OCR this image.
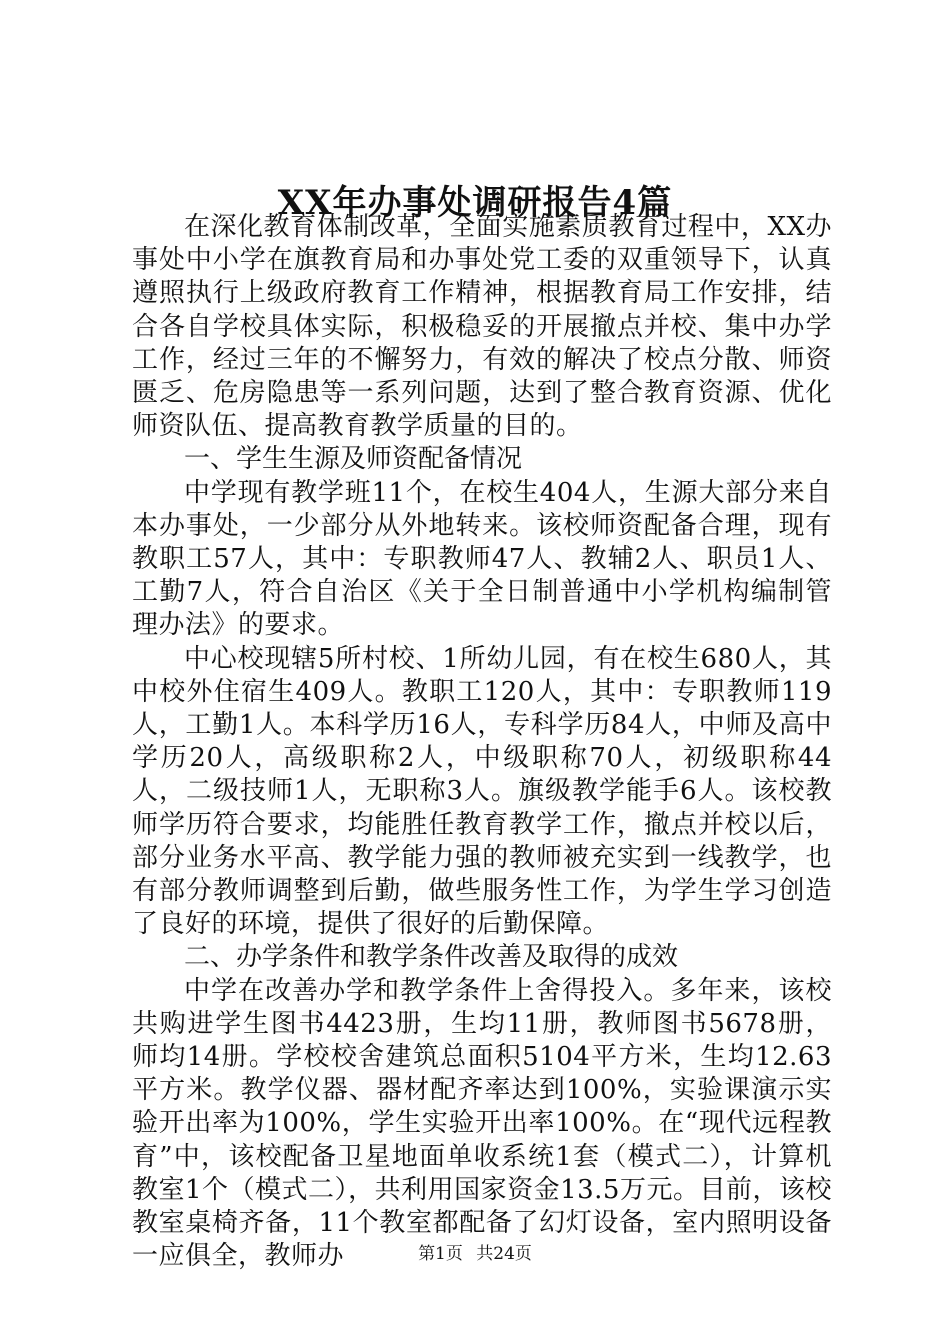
XX年办事处调研报告4篇

在深化教育体制改革，全面实施素质教育过程中，XX办事处中小学在旗教育局和办事处党工委的双重领导下，认真遵照执行上级政府教育工作精神，根据教育局工作安排，结合各自学校具体实际，积极稳妥的开展撤点并校、集中办学工作，经过三年的不懈努力，有效的解决了校点分散、师资匮乏、危房隐患等一系列问题，达到了整合教育资源、优化师资队伍、提高教育教学质量的目的。

一、学生生源及师资配备情况

中学现有教学班11个，在校生404人，生源大部分来自本办事处，一少部分从外地转来。该校师资配备合理，现有教职工57人，其中：专职教师47人、教辅2人、职员1人、工勤7人，符合自治区《关于全日制普通中小学机构编制管理办法》的要求。

中心校现辖5所村校、1所幼儿园，有在校生680人，其中校外住宿生409人。教职工120人，其中：专职教师119人，工勤1人。本科学历16人，专科学历84人，中师及高中学历20人，高级职称2人，中级职称70人，初级职称44人，二级技师1人，无职称3人。旗级教学能手6人。该校教师学历符合要求，均能胜任教育教学工作，撤点并校以后，部分业务水平高、教学能力强的教师被充实到一线教学，也有部分教师调整到后勤，做些服务性工作，为学生学习创造了良好的环境，提供了很好的后勤保障。

二、办学条件和教学条件改善及取得的成效

中学在改善办学和教学条件上舍得投入。多年来，该校共购进学生图书4423册，生均11册，教师图书5678册，师均14册。学校校舍建筑总面积5104平方米，生均12.63平方米。教学仪器、器材配齐率达到100%，实验课演示实验开出率为100%，学生实验开出率100%。在“现代远程教育”中，该校配备卫星地面单收系统1套（模式二），计算机教室1个（模式二），共利用国家资金13.5万元。目前，该校教室桌椅齐备，11个教室都配备了幻灯设备，室内照明设备一应俱全，教师办	第1页 共24页
